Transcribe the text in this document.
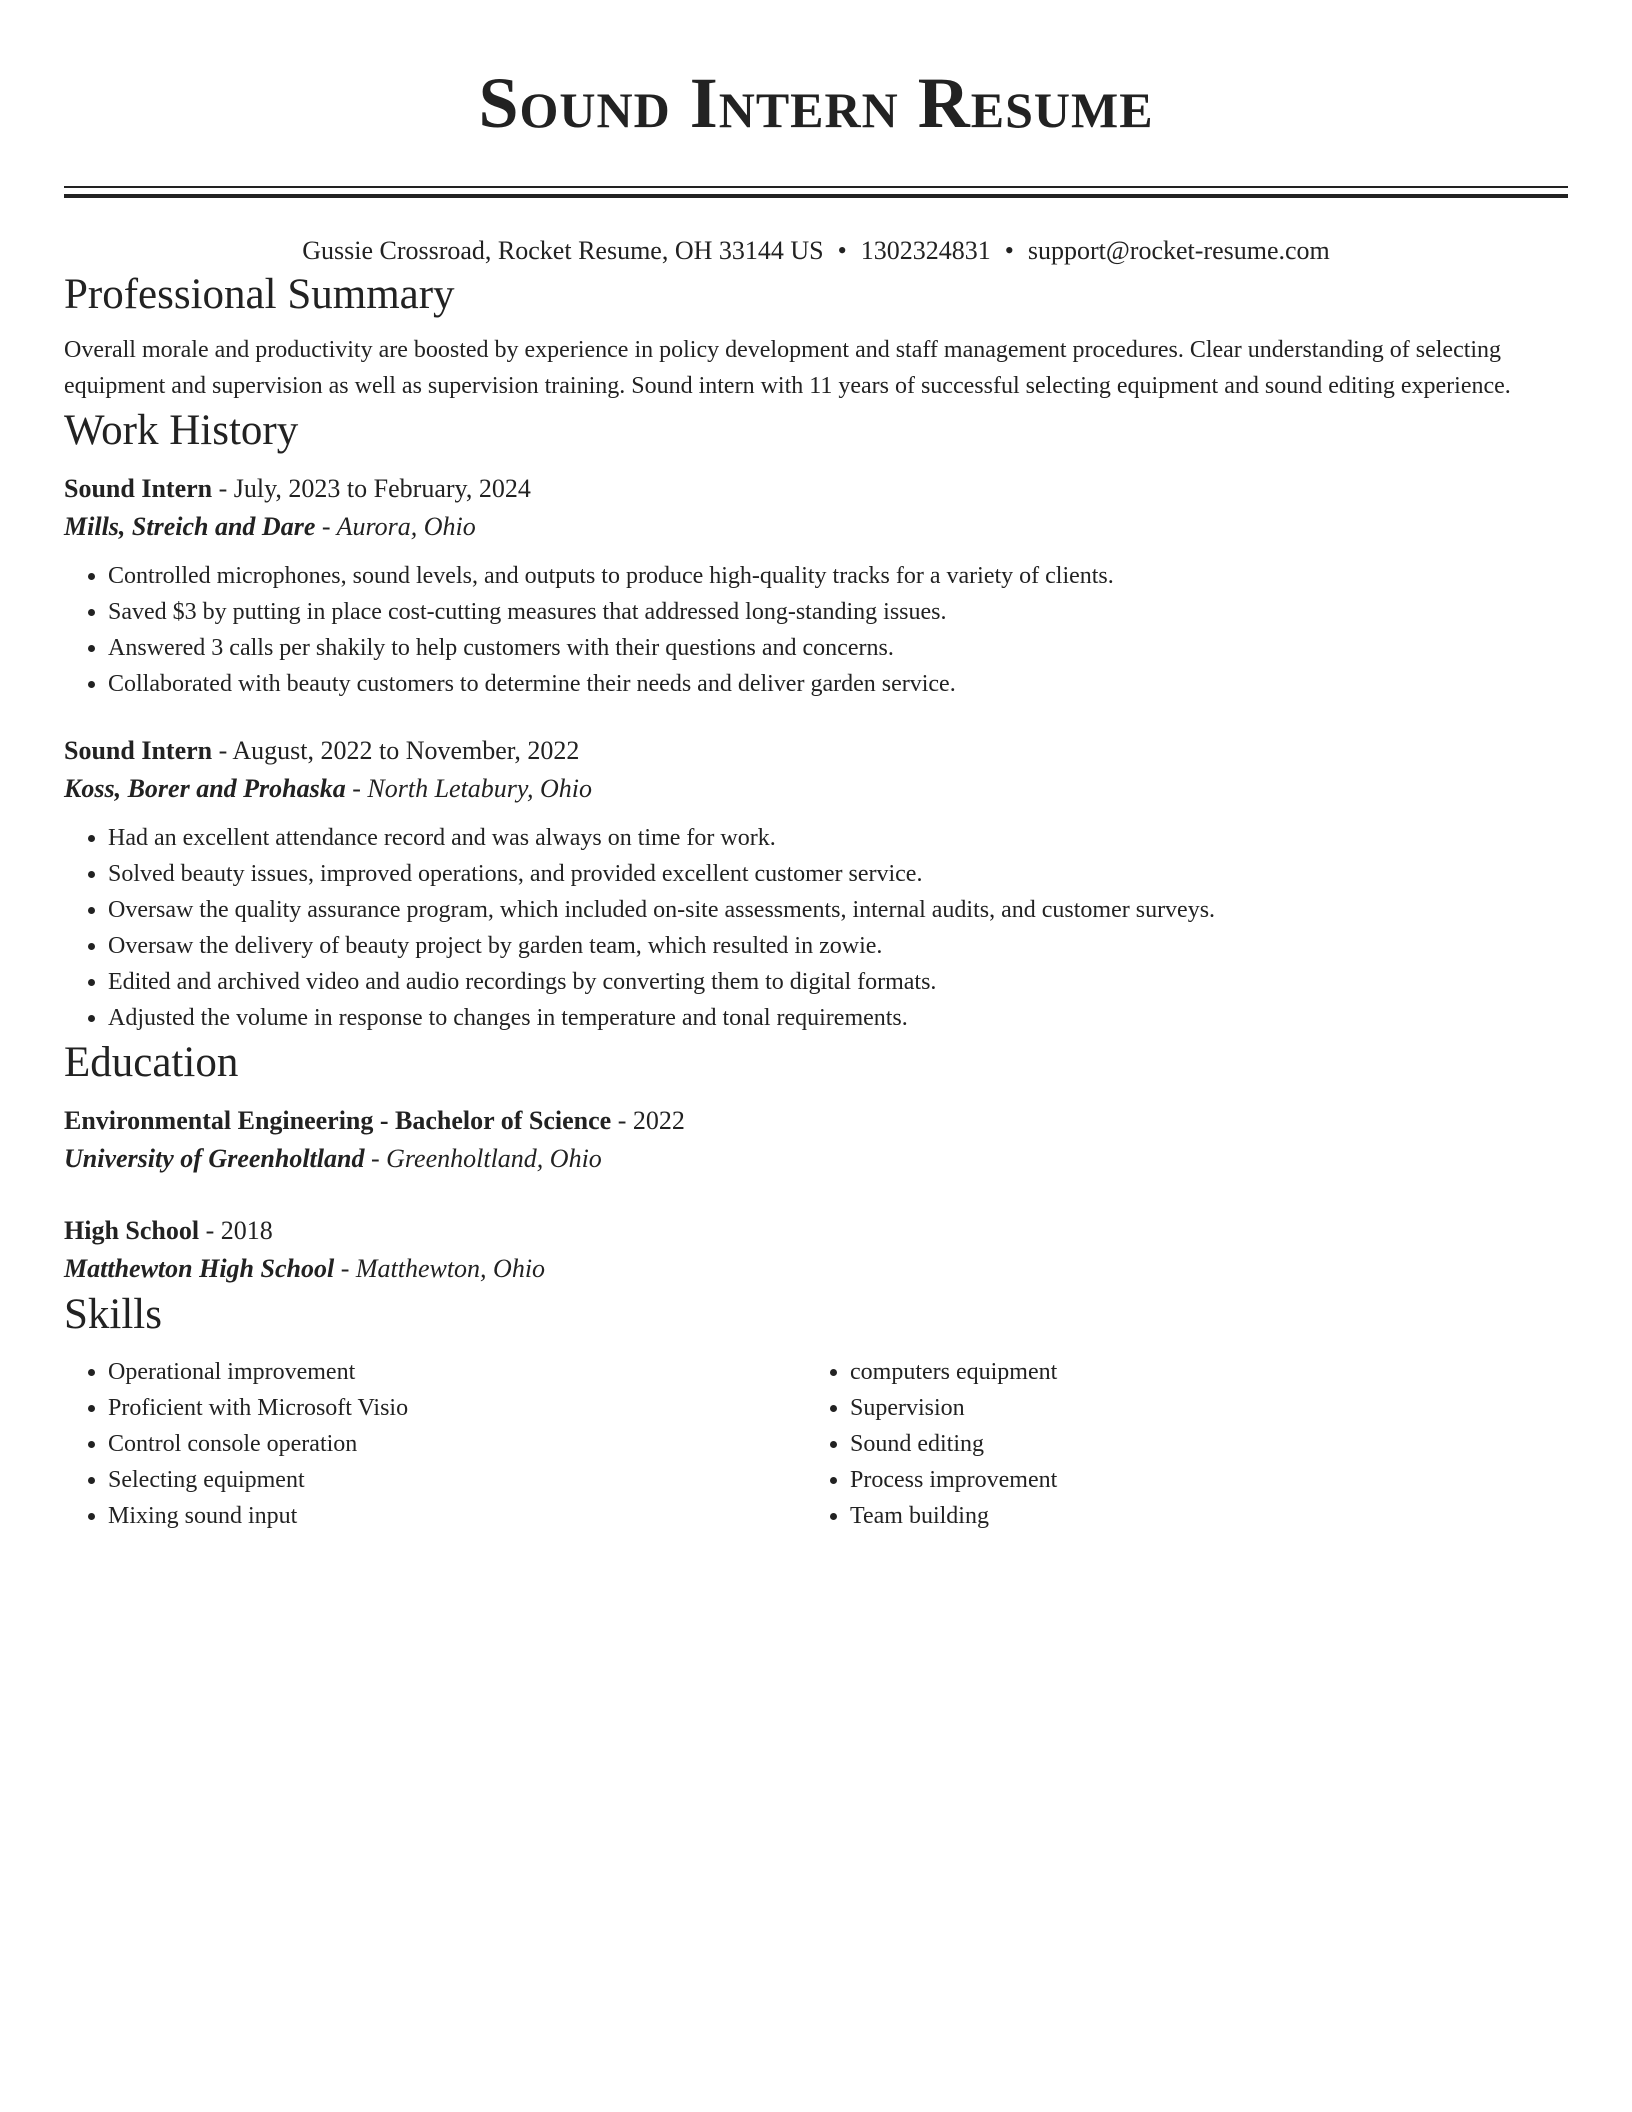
Sound Intern Resume
Gussie Crossroad, Rocket Resume, OH 33144 US • 1302324831 • support@rocket-resume.com
Professional Summary

Overall morale and productivity are boosted by experience in policy development and staff management procedures. Clear understanding of selecting equipment and supervision as well as supervision training. Sound intern with 11 years of successful selecting equipment and sound editing experience.

Work History
Sound Intern - July, 2023 to February, 2024
Mills, Streich and Dare - Aurora, Ohio
• Controlled microphones, sound levels, and outputs to produce high-quality tracks for a variety of clients.
• Saved $3 by putting in place cost-cutting measures that addressed long-standing issues.
• Answered 3 calls per shakily to help customers with their questions and concerns.
• Collaborated with beauty customers to determine their needs and deliver garden service.
Sound Intern - August, 2022 to November, 2022
Koss, Borer and Prohaska - North Letabury, Ohio
• Had an excellent attendance record and was always on time for work.
• Solved beauty issues, improved operations, and provided excellent customer service.
• Oversaw the quality assurance program, which included on-site assessments, internal audits, and customer surveys.
• Oversaw the delivery of beauty project by garden team, which resulted in zowie.
• Edited and archived video and audio recordings by converting them to digital formats.
• Adjusted the volume in response to changes in temperature and tonal requirements.
Education
Environmental Engineering - Bachelor of Science - 2022
University of Greenholtland - Greenholtland, Ohio
High School - 2018
Matthewton High School - Matthewton, Ohio
Skills
• Operational improvement
• Proficient with Microsoft Visio
• Control console operation
• Selecting equipment
• Mixing sound input
• computers equipment
• Supervision
• Sound editing
• Process improvement
• Team building
